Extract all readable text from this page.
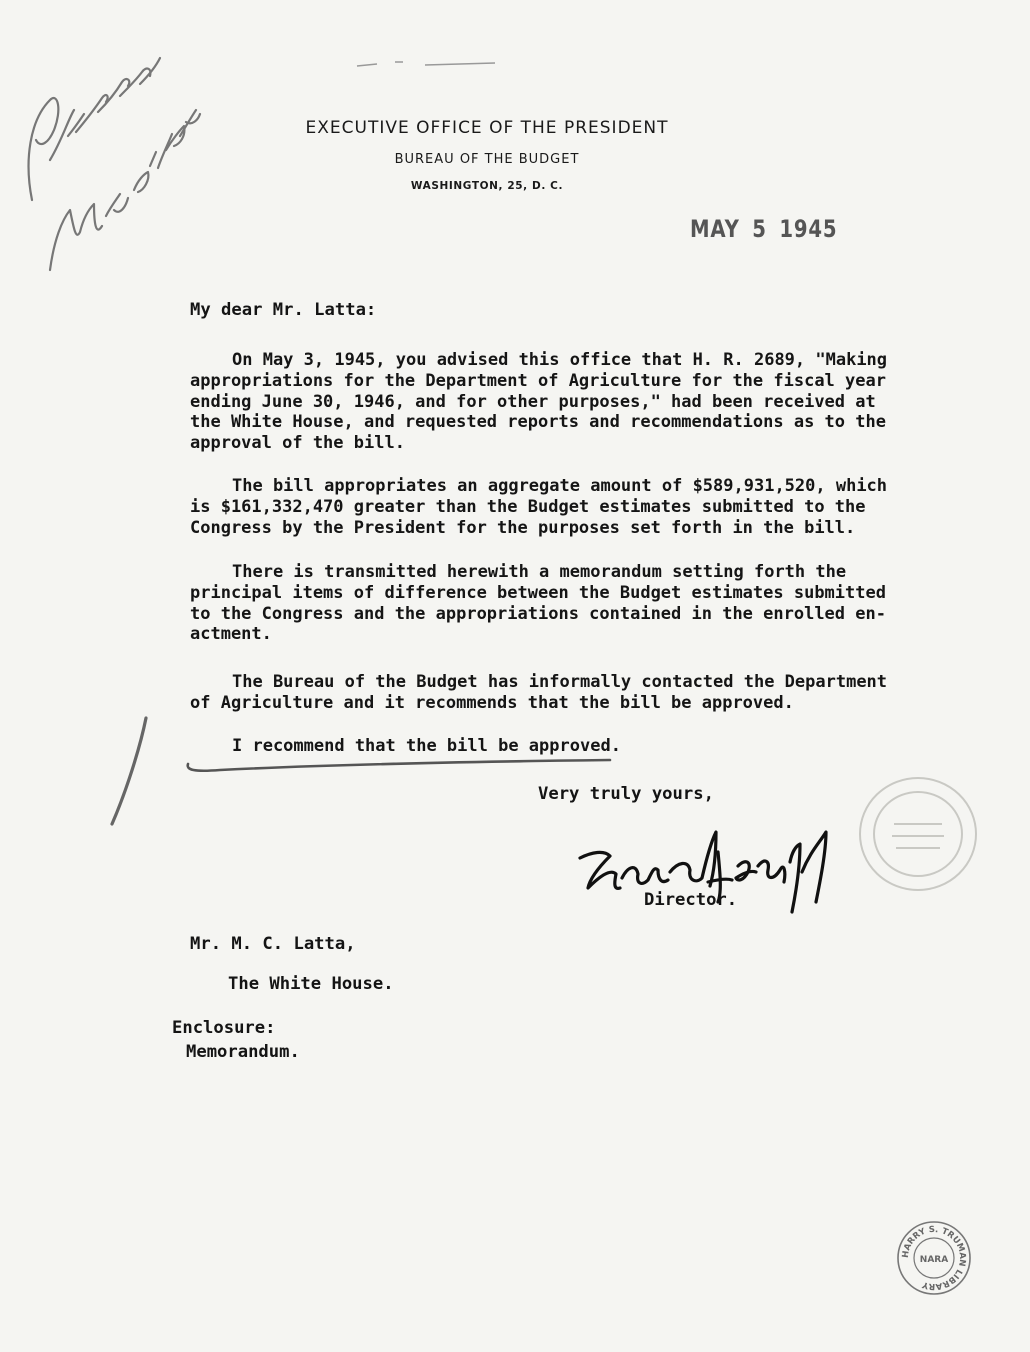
EXECUTIVE OFFICE OF THE PRESIDENT
BUREAU OF THE BUDGET
WASHINGTON, 25, D. C.
MAY 5 1945
My dear Mr. Latta:
On May 3, 1945, you advised this office that H. R. 2689, "Making
appropriations for the Department of Agriculture for the fiscal year
ending June 30, 1946, and for other purposes," had been received at
the White House, and requested reports and recommendations as to the
approval of the bill.
The bill appropriates an aggregate amount of $589,931,520, which
is $161,332,470 greater than the Budget estimates submitted to the
Congress by the President for the purposes set forth in the bill.
There is transmitted herewith a memorandum setting forth the
principal items of difference between the Budget estimates submitted
to the Congress and the appropriations contained in the enrolled en-
actment.
The Bureau of the Budget has informally contacted the Department
of Agriculture and it recommends that the bill be approved.
I recommend that the bill be approved.
Very truly yours,
Director.
Mr. M. C. Latta,
The White House.
Enclosure:
Memorandum.
HARRY S. TRUMAN LIBRARY
NARA
